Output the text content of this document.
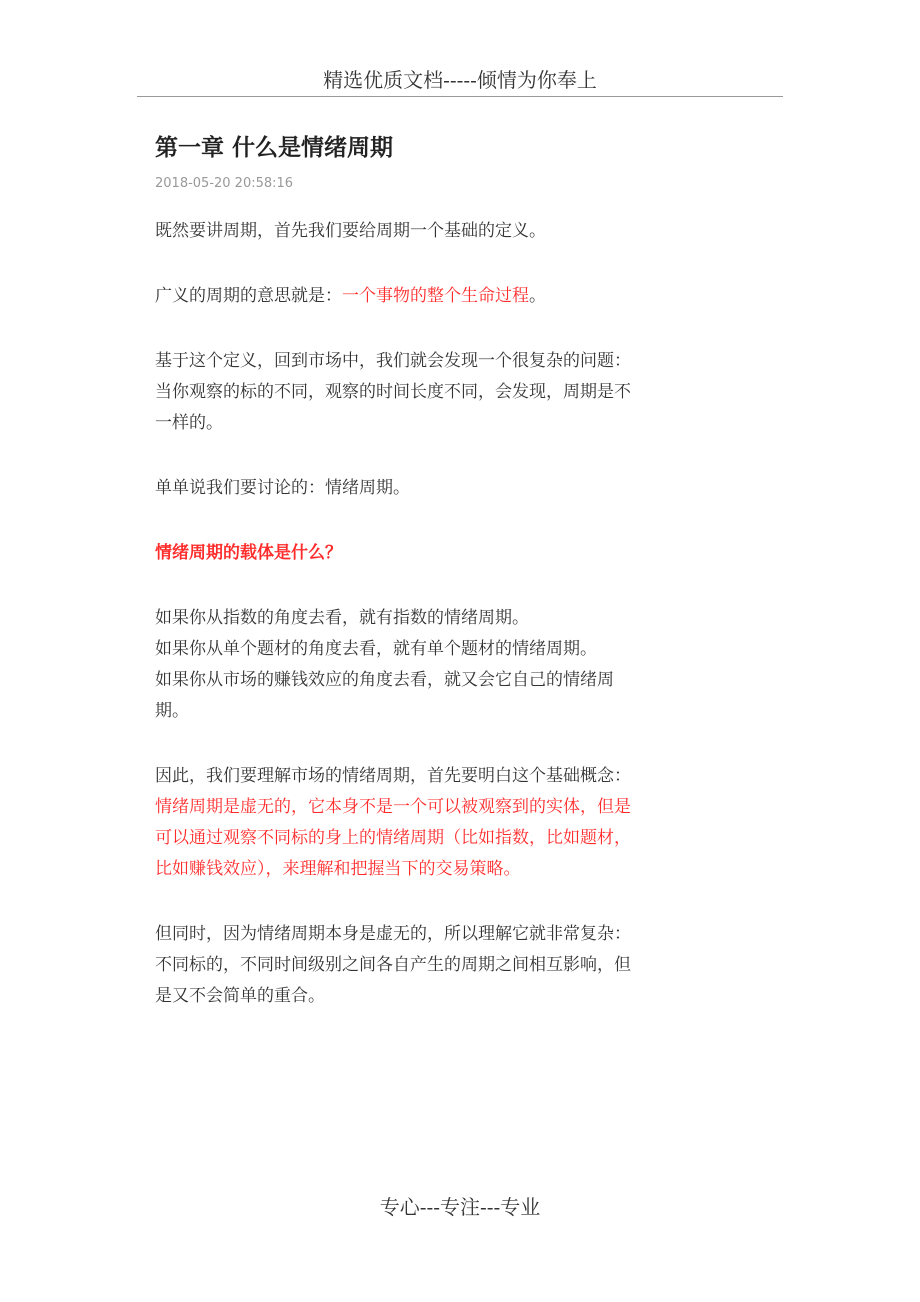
精选优质文档-----倾情为你奉上
第一章 什么是情绪周期
2018-05-20 20:58:16

既然要讲周期，首先我们要给周期一个基础的定义。

广义的周期的意思就是：一个事物的整个生命过程。

基于这个定义，回到市场中，我们就会发现一个很复杂的问题：
当你观察的标的不同，观察的时间长度不同，会发现，周期是不
一样的。

单单说我们要讨论的：情绪周期。

情绪周期的载体是什么？

如果你从指数的角度去看，就有指数的情绪周期。
如果你从单个题材的角度去看，就有单个题材的情绪周期。
如果你从市场的赚钱效应的角度去看，就又会它自己的情绪周
期。

因此，我们要理解市场的情绪周期，首先要明白这个基础概念：
情绪周期是虚无的，它本身不是一个可以被观察到的实体，但是
可以通过观察不同标的身上的情绪周期（比如指数，比如题材，
比如赚钱效应），来理解和把握当下的交易策略。

但同时，因为情绪周期本身是虚无的，所以理解它就非常复杂：
不同标的，不同时间级别之间各自产生的周期之间相互影响，但
是又不会简单的重合。

专心---专注---专业
